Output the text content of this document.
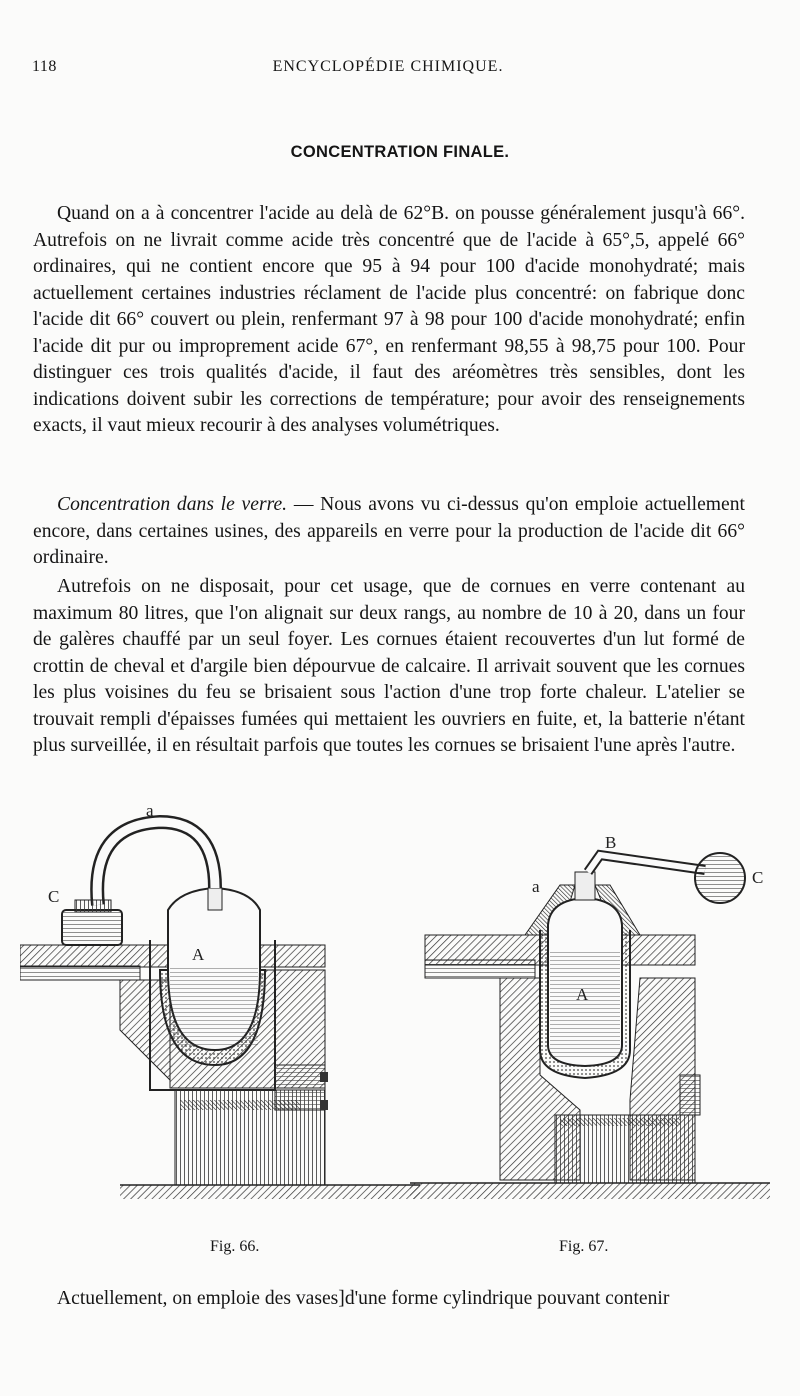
118	ENCYCLOPÉDIE CHIMIQUE.
CONCENTRATION FINALE.

Quand on a à concentrer l'acide au delà de 62°B. on pousse généralement jusqu'à 66°. Autrefois on ne livrait comme acide très concentré que de l'acide à 65°,5, appelé 66° ordinaires, qui ne contient encore que 95 à 94 pour 100 d'acide monohydraté; mais actuellement certaines industries réclament de l'acide plus concentré: on fabrique donc l'acide dit 66° couvert ou plein, renfermant 97 à 98 pour 100 d'acide monohydraté; enfin l'acide dit pur ou improprement acide 67°, en renfermant 98,55 à 98,75 pour 100. Pour distinguer ces trois qualités d'acide, il faut des aréomètres très sensibles, dont les indications doivent subir les corrections de température; pour avoir des renseignements exacts, il vaut mieux recourir à des analyses volumétriques.

Concentration dans le verre. — Nous avons vu ci-dessus qu'on emploie actuellement encore, dans certaines usines, des appareils en verre pour la production de l'acide dit 66° ordinaire.

Autrefois on ne disposait, pour cet usage, que de cornues en verre contenant au maximum 80 litres, que l'on alignait sur deux rangs, au nombre de 10 à 20, dans un four de galères chauffé par un seul foyer. Les cornues étaient recouvertes d'un lut formé de crottin de cheval et d'argile bien dépourvue de calcaire. Il arrivait souvent que les cornues les plus voisines du feu se brisaient sous l'action d'une trop forte chaleur. L'atelier se trouvait rempli d'épaisses fumées qui mettaient les ouvriers en fuite, et, la batterie n'étant plus surveillée, il en résultait parfois que toutes les cornues se brisaient l'une après l'autre.

a
C
A
B
C
a
A
Fig. 66.	Fig. 67.

Actuellement, on emploie des vases]d'une forme cylindrique pouvant contenir
